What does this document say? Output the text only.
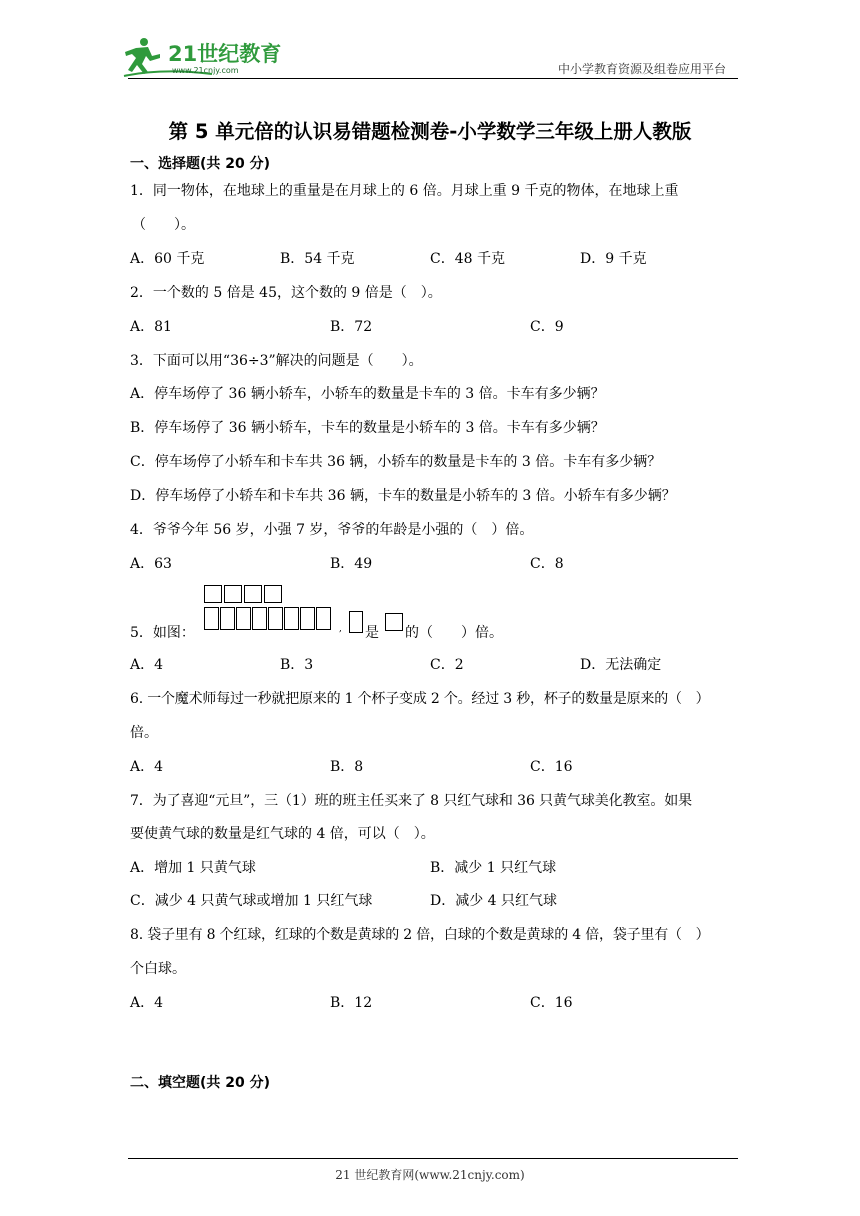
21世纪教育
www.21cnjy.com	中小学教育资源及组卷应用平台
第 5 单元倍的认识易错题检测卷-小学数学三年级上册人教版
一、选择题(共 20 分)
1．同一物体，在地球上的重量是在月球上的 6 倍。月球上重 9 千克的物体，在地球上重
（　　）。
A．60 千克	B．54 千克	C．48 千克	D．9 千克
2．一个数的 5 倍是 45，这个数的 9 倍是（　）。
A．81	B．72	C．9
3．下面可以用“36÷3”解决的问题是（　　）。
A．停车场停了 36 辆小轿车，小轿车的数量是卡车的 3 倍。卡车有多少辆？
B．停车场停了 36 辆小轿车，卡车的数量是小轿车的 3 倍。卡车有多少辆？
C．停车场停了小轿车和卡车共 36 辆，小轿车的数量是卡车的 3 倍。卡车有多少辆？
D．停车场停了小轿车和卡车共 36 辆，卡车的数量是小轿车的 3 倍。小轿车有多少辆？
4．爷爷今年 56 岁，小强 7 岁，爷爷的年龄是小强的（　）倍。
A．63	B．49	C．8
5．如图：	, 是 的（　　）倍。
A．4	B．3	C．2	D．无法确定
6. 一个魔术师每过一秒就把原来的 1 个杯子变成 2 个。经过 3 秒，杯子的数量是原来的（　）
倍。
A．4	B．8	C．16
7．为了喜迎“元旦”，三（1）班的班主任买来了 8 只红气球和 36 只黄气球美化教室。如果
要使黄气球的数量是红气球的 4 倍，可以（　）。
A．增加 1 只黄气球	B．减少 1 只红气球
C．减少 4 只黄气球或增加 1 只红气球	D．减少 4 只红气球
8. 袋子里有 8 个红球，红球的个数是黄球的 2 倍，白球的个数是黄球的 4 倍，袋子里有（　）
个白球。
A．4	B．12	C．16
二、填空题(共 20 分)
21 世纪教育网(www.21cnjy.com)
